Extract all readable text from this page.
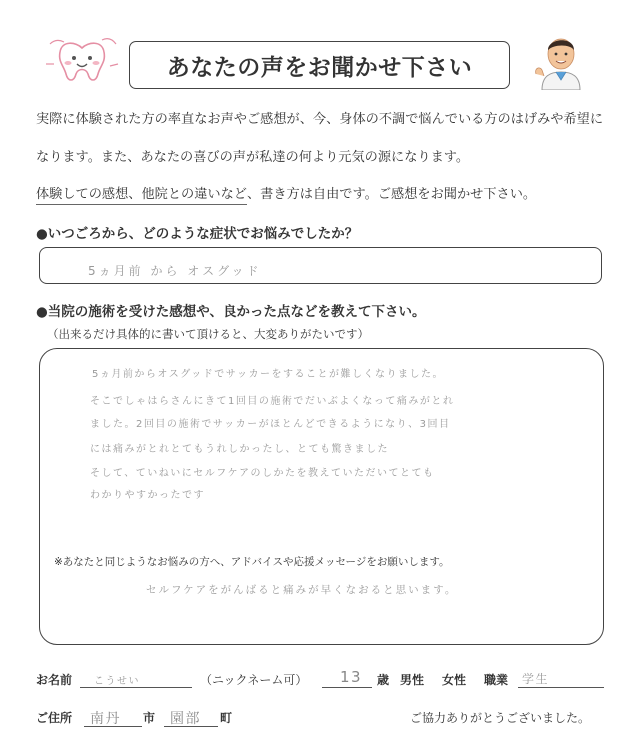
あなたの声をお聞かせ下さい
実際に体験された方の率直なお声やご感想が、今、身体の不調で悩んでいる方のはげみや希望に
なります。また、あなたの喜びの声が私達の何より元気の源になります。
体験しての感想、他院との違いなど、書き方は自由です。ご感想をお聞かせ下さい。
●いつごろから、どのような症状でお悩みでしたか？
5ヵ月前 から オスグッド
●当院の施術を受けた感想や、良かった点などを教えて下さい。
（出来るだけ具体的に書いて頂けると、大変ありがたいです）
5ヵ月前からオスグッドでサッカーをすることが難しくなりました。
そこでしゃはらさんにきて1回目の施術でだいぶよくなって痛みがとれ
ました。2回目の施術でサッカーがほとんどできるようになり、3回目
には痛みがとれとてもうれしかったし、とても驚きました
そして、ていねいにセルフケアのしかたを教えていただいてとても
わかりやすかったです
※あなたと同じようなお悩みの方へ、アドバイスや応援メッセージをお願いします。
セルフケアをがんばると痛みが早くなおると思います。
お名前 こうせい	（ニックネーム可） 13 歳 男性 女性 職業 学生
ご住所 南丹 市 園部 町	ご協力ありがとうございました。
